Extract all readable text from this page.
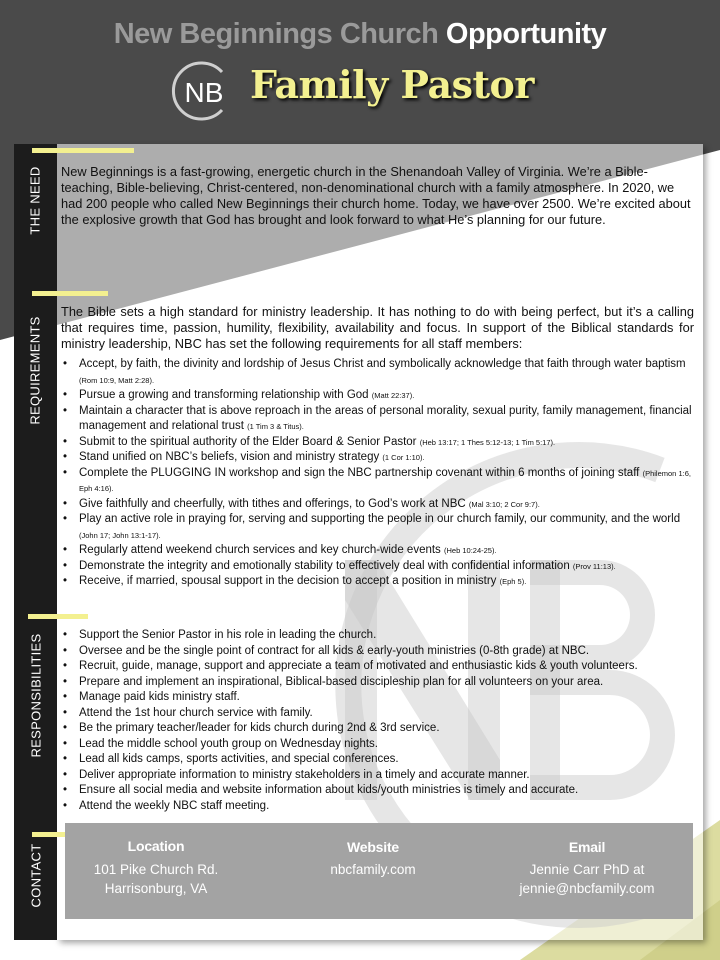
New Beginnings Church Opportunity
NB Family Pastor
THE NEED
REQUIREMENTS
RESPONSIBILITIES
CONTACT
New Beginnings is a fast-growing, energetic church in the Shenandoah Valley of Virginia. We’re a Bible-teaching, Bible-believing, Christ-centered, non-denominational church with a family atmosphere. In 2020, we had 200 people who called New Beginnings their church home. Today, we have over 2500. We’re excited about the explosive growth that God has brought and look forward to what He’s planning for our future.
The Bible sets a high standard for ministry leadership. It has nothing to do with being perfect, but it’s a calling that requires time, passion, humility, flexibility, availability and focus. In support of the Biblical standards for ministry leadership, NBC has set the following requirements for all staff members:
• Accept, by faith, the divinity and lordship of Jesus Christ and symbolically acknowledge that faith through water baptism (Rom 10:9, Matt 2:28).
• Pursue a growing and transforming relationship with God (Matt 22:37).
• Maintain a character that is above reproach in the areas of personal morality, sexual purity, family management, financial management and relational trust (1 Tim 3 & Titus).
• Submit to the spiritual authority of the Elder Board & Senior Pastor (Heb 13:17; 1 Thes 5:12-13; 1 Tim 5:17).
• Stand unified on NBC’s beliefs, vision and ministry strategy (1 Cor 1:10).
• Complete the PLUGGING IN workshop and sign the NBC partnership covenant within 6 months of joining staff (Philemon 1:6, Eph 4:16).
• Give faithfully and cheerfully, with tithes and offerings, to God’s work at NBC (Mal 3:10; 2 Cor 9:7).
• Play an active role in praying for, serving and supporting the people in our church family, our community, and the world (John 17; John 13:1-17).
• Regularly attend weekend church services and key church-wide events (Heb 10:24-25).
• Demonstrate the integrity and emotionally stability to effectively deal with confidential information (Prov 11:13).
• Receive, if married, spousal support in the decision to accept a position in ministry (Eph 5).
• Support the Senior Pastor in his role in leading the church.
• Oversee and be the single point of contract for all kids & early-youth ministries (0-8th grade) at NBC.
• Recruit, guide, manage, support and appreciate a team of motivated and enthusiastic kids & youth volunteers.
• Prepare and implement an inspirational, Biblical-based discipleship plan for all volunteers on your area.
• Manage paid kids ministry staff.
• Attend the 1st hour church service with family.
• Be the primary teacher/leader for kids church during 2nd & 3rd service.
• Lead the middle school youth group on Wednesday nights.
• Lead all kids camps, sports activities, and special conferences.
• Deliver appropriate information to ministry stakeholders in a timely and accurate manner.
• Ensure all social media and website information about kids/youth ministries is timely and accurate.
• Attend the weekly NBC staff meeting.
Location
101 Pike Church Rd.
Harrisonburg, VA
Website
nbcfamily.com
Email
Jennie Carr PhD at
jennie@nbcfamily.com
